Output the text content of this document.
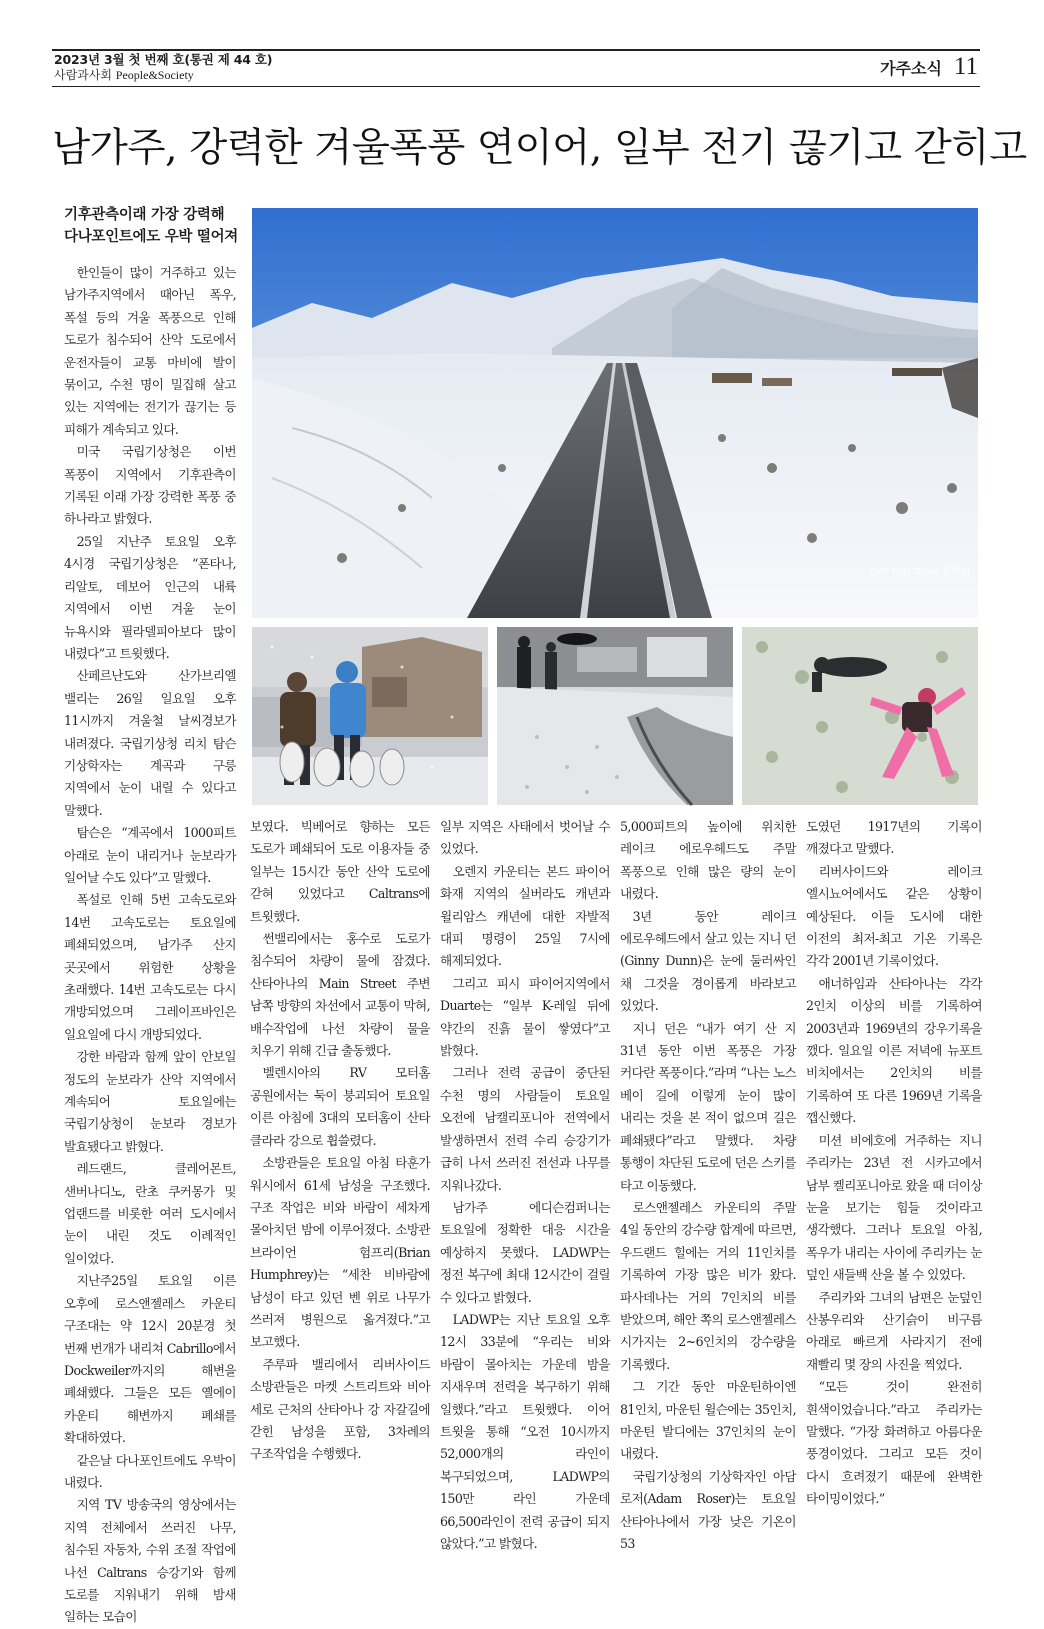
2023년 3월 첫 번째 호(통권 제 44 호)
사람과사회 People&Society	가주소식 11
남가주, 강력한 겨울폭풍 연이어, 일부 전기 끊기고 갇히고
기후관측이래 가장 강력해
다나포인트에도 우박 떨어져
CHP Fort Tejon 트위터

한인들이 많이 거주하고 있는 남가주지역에서 때아닌 폭우, 폭설 등의 겨울 폭풍으로 인해 도로가 침수되어 산악 도로에서 운전자들이 교통 마비에 발이 묶이고, 수천 명이 밀집해 살고 있는 지역에는 전기가 끊기는 등 피해가 계속되고 있다.

미국 국립기상청은 이번 폭풍이 지역에서 기후관측이 기록된 이래 가장 강력한 폭풍 중 하나라고 밝혔다.

25일 지난주 토요일 오후 4시경 국립기상청은 “폰타나, 리알토, 데보어 인근의 내륙 지역에서 이번 겨울 눈이 뉴욕시와 필라델피아보다 많이 내렸다”고 트윗했다.

산페르난도와 산가브리엘 밸리는 26일 일요일 오후 11시까지 겨울철 날씨경보가 내려졌다. 국립기상청 리치 탐슨 기상학자는 계곡과 구릉 지역에서 눈이 내릴 수 있다고 말했다.

탐슨은 “계곡에서 1000피트 아래로 눈이 내리거나 눈보라가 일어날 수도 있다”고 말했다.

폭설로 인해 5번 고속도로와 14번 고속도로는 토요일에 폐쇄되었으며, 남가주 산지 곳곳에서 위험한 상황을 초래했다. 14번 고속도로는 다시 개방되었으며 그레이프바인은 일요일에 다시 개방되었다.

강한 바람과 함께 앞이 안보일 정도의 눈보라가 산악 지역에서 계속되어 토요일에는 국립기상청이 눈보라 경보가 발효됐다고 밝혔다.

레드랜드, 클레어몬트, 샌버나디노, 란초 쿠커몽가 및 업랜드를 비롯한 여러 도시에서 눈이 내린 것도 이례적인 일이었다.

지난주25일 토요일 이른 오후에 로스앤젤레스 카운티 구조대는 약 12시 20분경 첫 번째 번개가 내리쳐 Cabrillo에서 Dockweiler까지의 해변을 폐쇄했다. 그들은 모든 옐에이 카운티 해변까지 폐쇄를 확대하였다.

같은날 다나포인트에도 우박이 내렸다.

지역 TV 방송국의 영상에서는 지역 전체에서 쓰러진 나무, 침수된 자동차, 수위 조절 작업에 나선 Caltrans 승강기와 함께 도로를 지워내기 위해 밤새 일하는 모습이

보였다. 빅베어로 향하는 모든 도로가 폐쇄되어 도로 이용자들 중 일부는 15시간 동안 산악 도로에 갇혀 있었다고 Caltrans에 트윗했다.

썬밸리에서는 홍수로 도로가 침수되어 차량이 물에 잠겼다. 산타아나의 Main Street 주변 남쪽 방향의 차선에서 교통이 막혀, 배수작업에 나선 차량이 물을 치우기 위해 긴급 출동했다.

벨렌시아의 RV 모터홈 공원에서는 둑이 붕괴되어 토요일 이른 아침에 3대의 모터홈이 산타 클라라 강으로 휩쓸렸다.

소방관들은 토요일 아침 타훈가 워시에서 61세 남성을 구조했다. 구조 작업은 비와 바람이 세차게 몰아치던 밤에 이루어졌다. 소방관 브라이언 험프리(Brian Humphrey)는 “세찬 비바람에 남성이 타고 있던 벤 위로 나무가 쓰러져 병원으로 옮겨졌다.”고 보고했다.

주루파 밸리에서 리버사이드 소방관들은 마켓 스트리트와 비아 세로 근처의 산타아나 강 자갈길에 갇힌 남성을 포함, 3차례의 구조작업을 수행했다.

일부 지역은 사태에서 벗어날 수 있었다.

오렌지 카운티는 본드 파이어 화재 지역의 실버라도 캐년과 윌리암스 캐년에 대한 자발적 대피 명령이 25일 7시에 해제되었다.

그리고 피시 파이어지역에서 Duarte는 “일부 K-레일 뒤에 약간의 진흙 물이 쌓였다”고 밝혔다.

그러나 전력 공급이 중단된 수천 명의 사람들이 토요일 오전에 남캘리포니아 전역에서 발생하면서 전력 수리 승강기가 급히 나서 쓰러진 전선과 나무를 지워나갔다.

남가주 에디슨컴퍼니는 토요일에 정확한 대응 시간을 예상하지 못했다. LADWP는 정전 복구에 최대 12시간이 걸릴 수 있다고 밝혔다.

LADWP는 지난 토요일 오후 12시 33분에 “우리는 비와 바람이 몰아치는 가운데 밤을 지새우며 전력을 복구하기 위해 일했다.”라고 트윗했다. 이어 트윗을 통해 “오전 10시까지 52,000개의 라인이 복구되었으며, LADWP의 150만 라인 가운데 66,500라인이 전력 공급이 되지 않았다.”고 밝혔다.

5,000피트의 높이에 위치한 레이크 에로우헤드도 주말 폭풍으로 인해 많은 량의 눈이 내렸다.

3년 동안 레이크 에로우헤드에서 살고 있는 지니 던(Ginny Dunn)은 눈에 둘러싸인 채 그것을 경이롭게 바라보고 있었다.

지니 던은 “내가 여기 산 지 31년 동안 이번 폭풍은 가장 커다란 폭풍이다.”라며 “나는 노스 베이 길에 이렇게 눈이 많이 내리는 것을 본 적이 없으며 길은 폐쇄됐다”라고 말했다. 차량 통행이 차단된 도로에 던은 스키를 타고 이동했다.

로스앤젤레스 카운티의 주말 4일 동안의 강수량 합계에 따르면, 우드랜드 힐에는 거의 11인치를 기록하여 가장 많은 비가 왔다. 파사데나는 거의 7인치의 비를 받았으며, 해안 쪽의 로스앤젤레스 시가지는 2~6인치의 강수량을 기록했다.

그 기간 동안 마운틴하이엔 81인치, 마운틴 윌슨에는 35인치, 마운틴 발디에는 37인치의 눈이 내렸다.

국립기상청의 기상학자인 아담 로저(Adam Roser)는 토요일 산타아나에서 가장 낮은 기온이 53

도였던 1917년의 기록이 깨졌다고 말했다.

리버사이드와 레이크 엘시뇨어에서도 같은 상황이 예상된다. 이들 도시에 대한 이전의 최저-최고 기온 기록은 각각 2001년 기록이었다.

애너하임과 산타아나는 각각 2인치 이상의 비를 기록하여 2003년과 1969년의 강우기록을 깼다. 일요일 이른 저녁에 뉴포트 비치에서는 2인치의 비를 기록하여 또 다른 1969년 기록을 깹신했다.

미션 비에호에 거주하는 지니 주리카는 23년 전 시카고에서 남부 켈리포니아로 왔을 때 더이상 눈을 보기는 힘들 것이라고 생각했다. 그러나 토요일 아침, 폭우가 내리는 사이에 주리카는 눈 덮인 새들백 산을 볼 수 있었다.

주리카와 그녀의 남편은 눈덮인 산봉우리와 산기슭이 비구름 아래로 빠르게 사라지기 전에 재빨리 몇 장의 사진을 찍었다.

“모든 것이 완전히 흰색이었습니다.”라고 주리카는 말했다. “가장 화려하고 아름다운 풍경이었다. 그리고 모든 것이 다시 흐려졌기 때문에 완벽한 타이밍이었다.”
